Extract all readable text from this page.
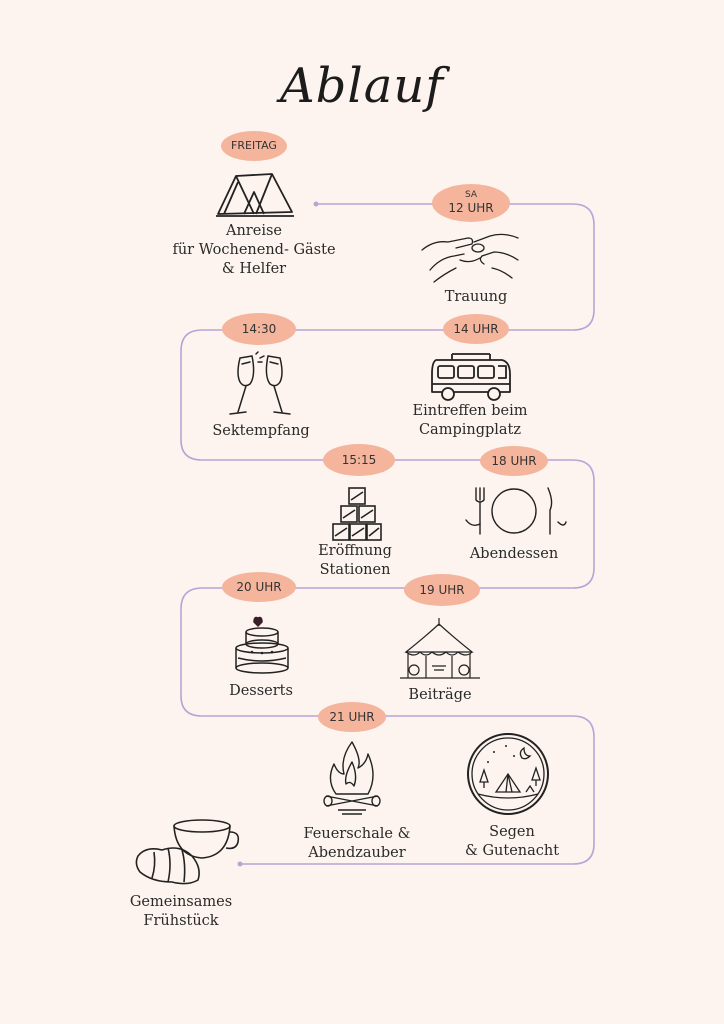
Ablauf
FREITAG
SA
12 UHR
14:30	14 UHR
15:15	18 UHR
20 UHR	19 UHR
21 UHR
Anreise
für Wochenend- Gäste
& Helfer
Trauung
Sektempfang
Eintreffen beim
Campingplatz
Eröffnung
Stationen
Abendessen
Desserts	Beiträge
Feuerschale &
Abendzauber
Segen
& Gutenacht
Gemeinsames
Frühstück
